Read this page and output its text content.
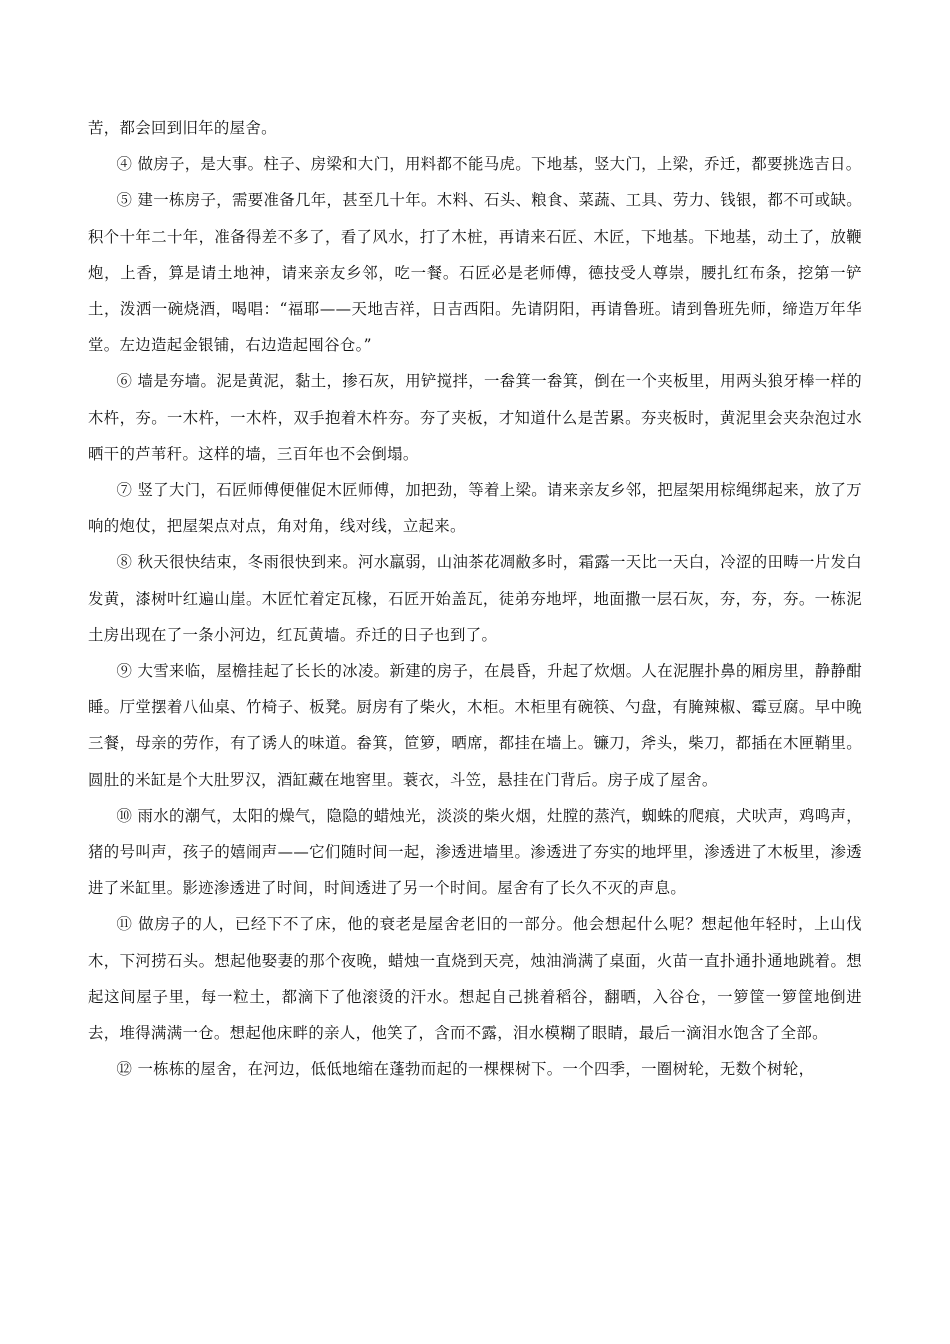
苦，都会回到旧年的屋舍。

④ 做房子，是大事。柱子、房梁和大门，用料都不能马虎。下地基，竖大门，上梁，乔迁，都要挑选吉日。

⑤ 建一栋房子，需要准备几年，甚至几十年。木料、石头、粮食、菜蔬、工具、劳力、钱银，都不可或缺。积个十年二十年，准备得差不多了，看了风水，打了木桩，再请来石匠、木匠，下地基。下地基，动土了，放鞭炮，上香，算是请土地神，请来亲友乡邻，吃一餐。石匠必是老师傅，德技受人尊崇，腰扎红布条，挖第一铲土，泼洒一碗烧酒，喝唱：“福耶——天地吉祥，日吉西阳。先请阴阳，再请鲁班。请到鲁班先师，缔造万年华堂。左边造起金银铺，右边造起囤谷仓。”

⑥ 墙是夯墙。泥是黄泥，黏土，掺石灰，用铲搅拌，一畚箕一畚箕，倒在一个夹板里，用两头狼牙棒一样的木杵，夯。一木杵，一木杵，双手抱着木杵夯。夯了夹板，才知道什么是苦累。夯夹板时，黄泥里会夹杂泡过水晒干的芦苇秆。这样的墙，三百年也不会倒塌。

⑦ 竖了大门，石匠师傅便催促木匠师傅，加把劲，等着上梁。请来亲友乡邻，把屋架用棕绳绑起来，放了万响的炮仗，把屋架点对点，角对角，线对线，立起来。

⑧ 秋天很快结束，冬雨很快到来。河水羸弱，山油茶花凋敝多时，霜露一天比一天白，冷涩的田畴一片发白发黄，漆树叶红遍山崖。木匠忙着定瓦椽，石匠开始盖瓦，徒弟夯地坪，地面撒一层石灰，夯，夯，夯。一栋泥土房出现在了一条小河边，红瓦黄墙。乔迁的日子也到了。

⑨ 大雪来临，屋檐挂起了长长的冰凌。新建的房子，在晨昏，升起了炊烟。人在泥腥扑鼻的厢房里，静静酣睡。厅堂摆着八仙桌、竹椅子、板凳。厨房有了柴火，木柜。木柜里有碗筷、勺盘，有腌辣椒、霉豆腐。早中晚三餐，母亲的劳作，有了诱人的味道。畚箕，笸箩，晒席，都挂在墙上。镰刀，斧头，柴刀，都插在木匣鞘里。圆肚的米缸是个大肚罗汉，酒缸藏在地窖里。蓑衣，斗笠，悬挂在门背后。房子成了屋舍。

⑩ 雨水的潮气，太阳的燥气，隐隐的蜡烛光，淡淡的柴火烟，灶膛的蒸汽，蜘蛛的爬痕，犬吠声，鸡鸣声，猪的号叫声，孩子的嬉闹声——它们随时间一起，渗透进墙里。渗透进了夯实的地坪里，渗透进了木板里，渗透进了米缸里。影迹渗透进了时间，时间透进了另一个时间。屋舍有了长久不灭的声息。

⑪ 做房子的人，已经下不了床，他的衰老是屋舍老旧的一部分。他会想起什么呢？想起他年轻时，上山伐木，下河捞石头。想起他娶妻的那个夜晚，蜡烛一直烧到天亮，烛油淌满了桌面，火苗一直扑通扑通地跳着。想起这间屋子里，每一粒土，都滴下了他滚烫的汗水。想起自己挑着稻谷，翻晒，入谷仓，一箩筐一箩筐地倒进去，堆得满满一仓。想起他床畔的亲人，他笑了，含而不露，泪水模糊了眼睛，最后一滴泪水饱含了全部。

⑫ 一栋栋的屋舍，在河边，低低地缩在蓬勃而起的一棵棵树下。一个四季，一圈树轮，无数个树轮，
